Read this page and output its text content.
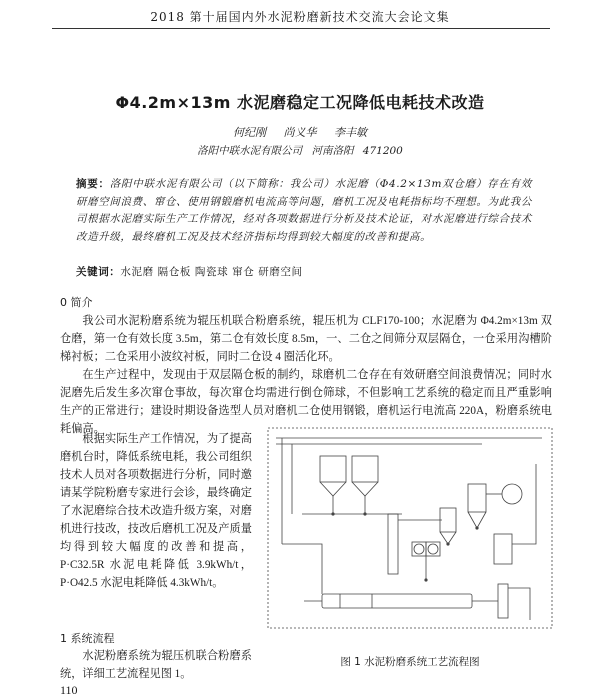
2018 第十届国内外水泥粉磨新技术交流大会论文集
Φ4.2m×13m 水泥磨稳定工况降低电耗技术改造
何纪刚 尚义华 李丰敏
洛阳中联水泥有限公司 河南洛阳 471200
摘要：洛阳中联水泥有限公司（以下简称：我公司）水泥磨（Φ4.2×13m双仓磨）存在有效研磨空间浪费、窜仓、使用钢锻磨机电流高等问题，磨机工况及电耗指标均不理想。为此我公司根据水泥磨实际生产工作情况，经对各项数据进行分析及技术论证，对水泥磨进行综合技术改造升级，最终磨机工况及技术经济指标均得到较大幅度的改善和提高。
关键词：水泥磨 隔仓板 陶瓷球 窜仓 研磨空间
0 简介
我公司水泥粉磨系统为辊压机联合粉磨系统，辊压机为 CLF170-100；水泥磨为 Φ4.2m×13m 双仓磨，第一仓有效长度 3.5m，第二仓有效长度 8.5m，一、二仓之间筛分双层隔仓，一仓采用沟槽阶梯衬板；二仓采用小波纹衬板，同时二仓设 4 圈活化环。
在生产过程中，发现由于双层隔仓板的制约，球磨机二仓存在有效研磨空间浪费情况；同时水泥磨先后发生多次窜仓事故，每次窜仓均需进行倒仓筛球，不但影响工艺系统的稳定而且严重影响生产的正常进行；建设时期设备选型人员对磨机二仓使用钢锻，磨机运行电流高 220A，粉磨系统电耗偏高。
根据实际生产工作情况，为了提高磨机台时，降低系统电耗，我公司组织技术人员对各项数据进行分析，同时邀请某学院粉磨专家进行会诊，最终确定了水泥磨综合技术改造升级方案，对磨机进行技改，技改后磨机工况及产质量均得到较大幅度的改善和提高，P·C32.5R 水泥电耗降低 3.9kWh/t，P·O42.5 水泥电耗降低 4.3kWh/t。
1 系统流程
水泥粉磨系统为辊压机联合粉磨系统，详细工艺流程见图 1。
图 1 水泥粉磨系统工艺流程图
110
